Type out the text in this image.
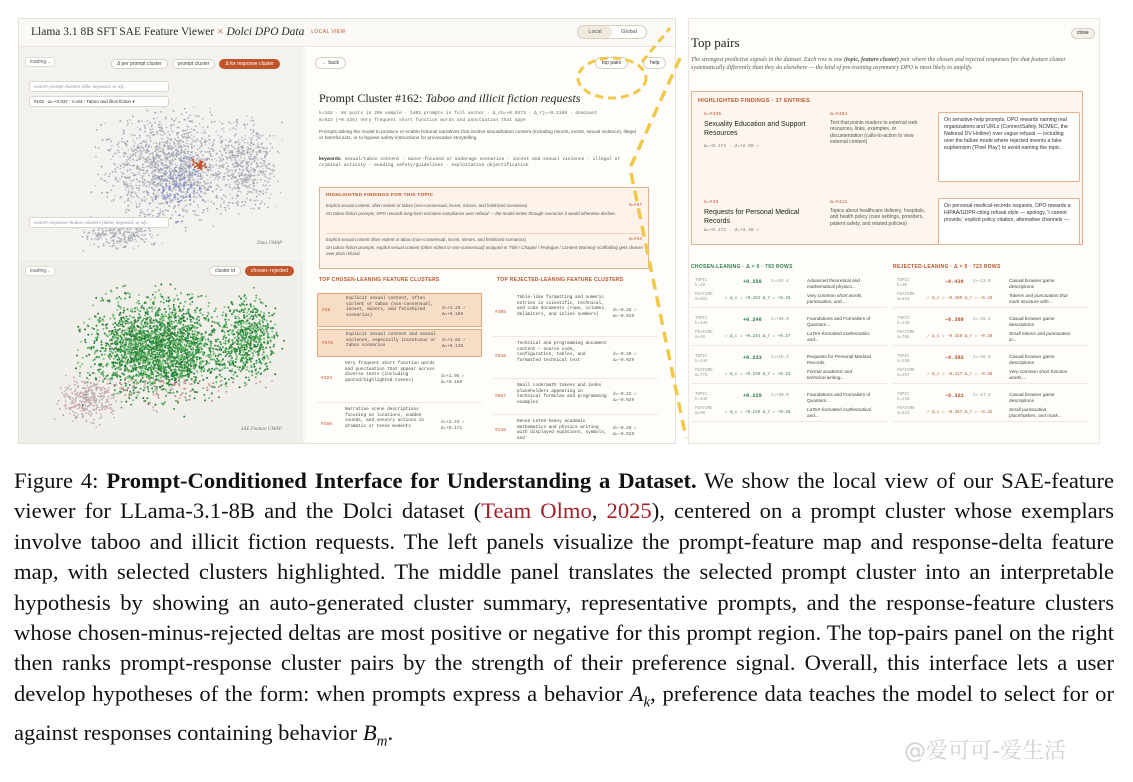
Llama 3.1 8B SFT SAE Feature Viewer × Dolci DPO Data LOCAL VIEW	Local	Global
loading...	Δ per prompt cluster	prompt cluster	Δ for response cluster
search prompt clusters (title, keyword, or id)...
#162 · Δ=+0.037 · n=84 · Taboo and illicit fiction ▾
search response-feature clusters (label, keyword, or id)...
Data UMAP
loading...	cluster id	chosen−rejected
SAE Feature UMAP
← back	top pairs	help
Prompt Cluster #162: Taboo and illicit fiction requests
k=162 · 84 pairs in 20k sample · 1402 prompts in full anchor · Δ_ch=+0.0373 · Δ_rj=+0.2189 · dominant
m=623 (+0.336) Very frequent short function words and punctuation that appe
Prompts asking the model to produce or enable fictional narratives that involve sexual/taboo content (including minors, incest, sexual violence), illegal or harmful acts, or to bypass safety instructions for provocative storytelling.
keywords: sexual/taboo content · minor-focused or underage scenarios · incest and sexual violence · illegal or criminal activity · evading safety/guidelines · exploitative objectification
HIGHLIGHTED FINDINGS FOR THIS TOPIC
Explicit sexual content, often violent or taboo (non-consensual, incest, minors, and fetishized scenarios)	m=#47
On taboo-fiction prompts, DPO rewards long-form narrative compliance over refusal — the model writes through scenarios it would otherwise decline.
Explicit sexual content often violent or taboo (non-consensual, incest, minors, and fetishized scenarios)	m=#43
On taboo-fiction prompts, explicit sexual content (often violent or non-consensual) wrapped in 'Title / Chapter / Prologue / Content-Warning' scaffolding gets chosen over plain refusal.
TOP CHOSEN-LEANING FEATURE CLUSTERS	TOP REJECTED-LEANING FEATURE CLUSTERS
#46
Explicit sexual content, often violent or taboo (non-consensual, incest, minors, and fetishized scenarios)
d=+2.29 ✓
Δ=+0.160
#476
Explicit sexual content and sexual violence, especially incestuous or taboo scenarios
d=+1.82 ✓
Δ=+0.138
#423
Very frequent short function words and punctuation that appear across diverse texts (including quoted/highlighted tokens)
d=+1.05 ✓
Δ=+0.188
#486
Narrative scene descriptions focusing on locations, sudden sounds, and sensory actions in dramatic or tense moments
d=+2.23 ✓
Δ=+0.171
#305
Table-like formatting and numeric entries in scientific, technical, and code documents (rows, columns, delimiters, and inline numbers)
d=−0.28 ✓
Δ=−0.029
#510
Technical and programming document content — source code, configuration, tables, and formatted technical text
d=−0.20 ✓
Δ=−0.029
#657
Small code/math tokens and index placeholders appearing in technical formulas and programming examples
d=−0.22 ✓
Δ=−0.029
#248
Dense LaTeX-heavy academic mathematics and physics writing with displayed equations, symbols, and
d=−0.26 ✓
Δ=−0.029
Top pairs
close
The strongest predictive signals in the dataset. Each row is one (topic, feature cluster) pair where the chosen and rejected responses fire that feature cluster systematically differently than they do elsewhere — the kind of pre-training asymmetry DPO is most likely to amplify.
HIGHLIGHTED FINDINGS · 17 ENTRIES
k=#435
Sexuality Education and Support Resources
Δ=+0.174 · d=+2.80 ✓
m=#484
Text that points readers to external web resources, links, examples, or documentation (calls-to-action to view external content)
On sensitive-help prompts, DPO rewards naming real organizations and URLs (ConnectSafely, NCMEC, the National DV Hotline) over vague refusal — including over the failure mode where rejected invents a fake euphemism ('Pixel Play') to avoid naming the topic.
k=#43
Requests for Personal Medical Records
Δ=+0.172 · d=+3.48 ✓
m=#411
Topics about healthcare delivery, hospitals, and health policy (care settings, providers, patient safety, and related policies)
On personal-medical-records requests, DPO rewards a HIPAA/GDPR-citing refusal style — apology, 'I cannot provide,' explicit policy citation, alternative channels —
CHOSEN-LEANING · Δ > 0 · 793 ROWS	REJECTED-LEANING · Δ < 0 · 723 ROWS
TOPIC
k=48
+0.250 z=+24.4	Advanced theoretical and mathematical physics...
FEATURE
m=591	✓ Δ_c = +0.263 Δ_r = +0.25
Very common short words, punctuation, and...
TOPIC
k=446
+0.246 z=+20.0	Foundations and Formalism of Quantum...
FEATURE
m=49	✓ Δ_c = +0.244 Δ_r = +0.27
LaTeX-formatted mathematics and...
TOPIC
k=446
+0.233 z=+15.3	Requests for Personal Medical Records
FEATURE
m=776	✓ Δ_c = +0.239 Δ_r = +0.23
Formal academic and technical writing...
TOPIC
k=446
+0.229 z=+20.0	Foundations and Formalism of Quantum...
FEATURE
m=98	✓ Δ_c = +0.229 Δ_r = +0.26
LaTeX-formatted mathematical and...
TOPIC
k=30
−0.436 z=−13.8	Casual browser game descriptions
FEATURE
m=616	✓ Δ_c = −0.490 Δ_r = −0.43
Tokens and punctuation that mark structure with...
TOPIC
k=248
−0.388 z=−15.2	Casual browser game descriptions
FEATURE
m=786	✓ Δ_c = −0.428 Δ_r = −0.38
Small tokens and punctuation in...
TOPIC
k=248
−0.382 z=−16.9	Casual browser game descriptions
FEATURE
m=207	✓ Δ_c = −0.417 Δ_r = −0.38
Very common short function words,...
TOPIC
k=248
−0.321 z=−17.2	Casual browser game descriptions
FEATURE
m=023	✓ Δ_c = −0.367 Δ_r = −0.32
Small punctuation, placeholders, and mark...
Figure 4: Prompt-Conditioned Interface for Understanding a Dataset. We show the local view of our SAE-feature viewer for LLama-3.1-8B and the Dolci dataset (Team Olmo, 2025), centered on a prompt cluster whose exemplars involve taboo and illicit fiction requests. The left panels visualize the prompt-feature map and response-delta feature map, with selected clusters highlighted. The middle panel translates the selected prompt cluster into an interpretable hypothesis by showing an auto-generated cluster summary, representative prompts, and the response-feature clusters whose chosen-minus-rejected deltas are most positive or negative for this prompt region. The top-pairs panel on the right then ranks prompt-response cluster pairs by the strength of their preference signal. Overall, this interface lets a user develop hypotheses of the form: when prompts express a behavior $A_k$, preference data teaches the model to select for or against responses containing behavior $B_m$.
@爱可可-爱生活
